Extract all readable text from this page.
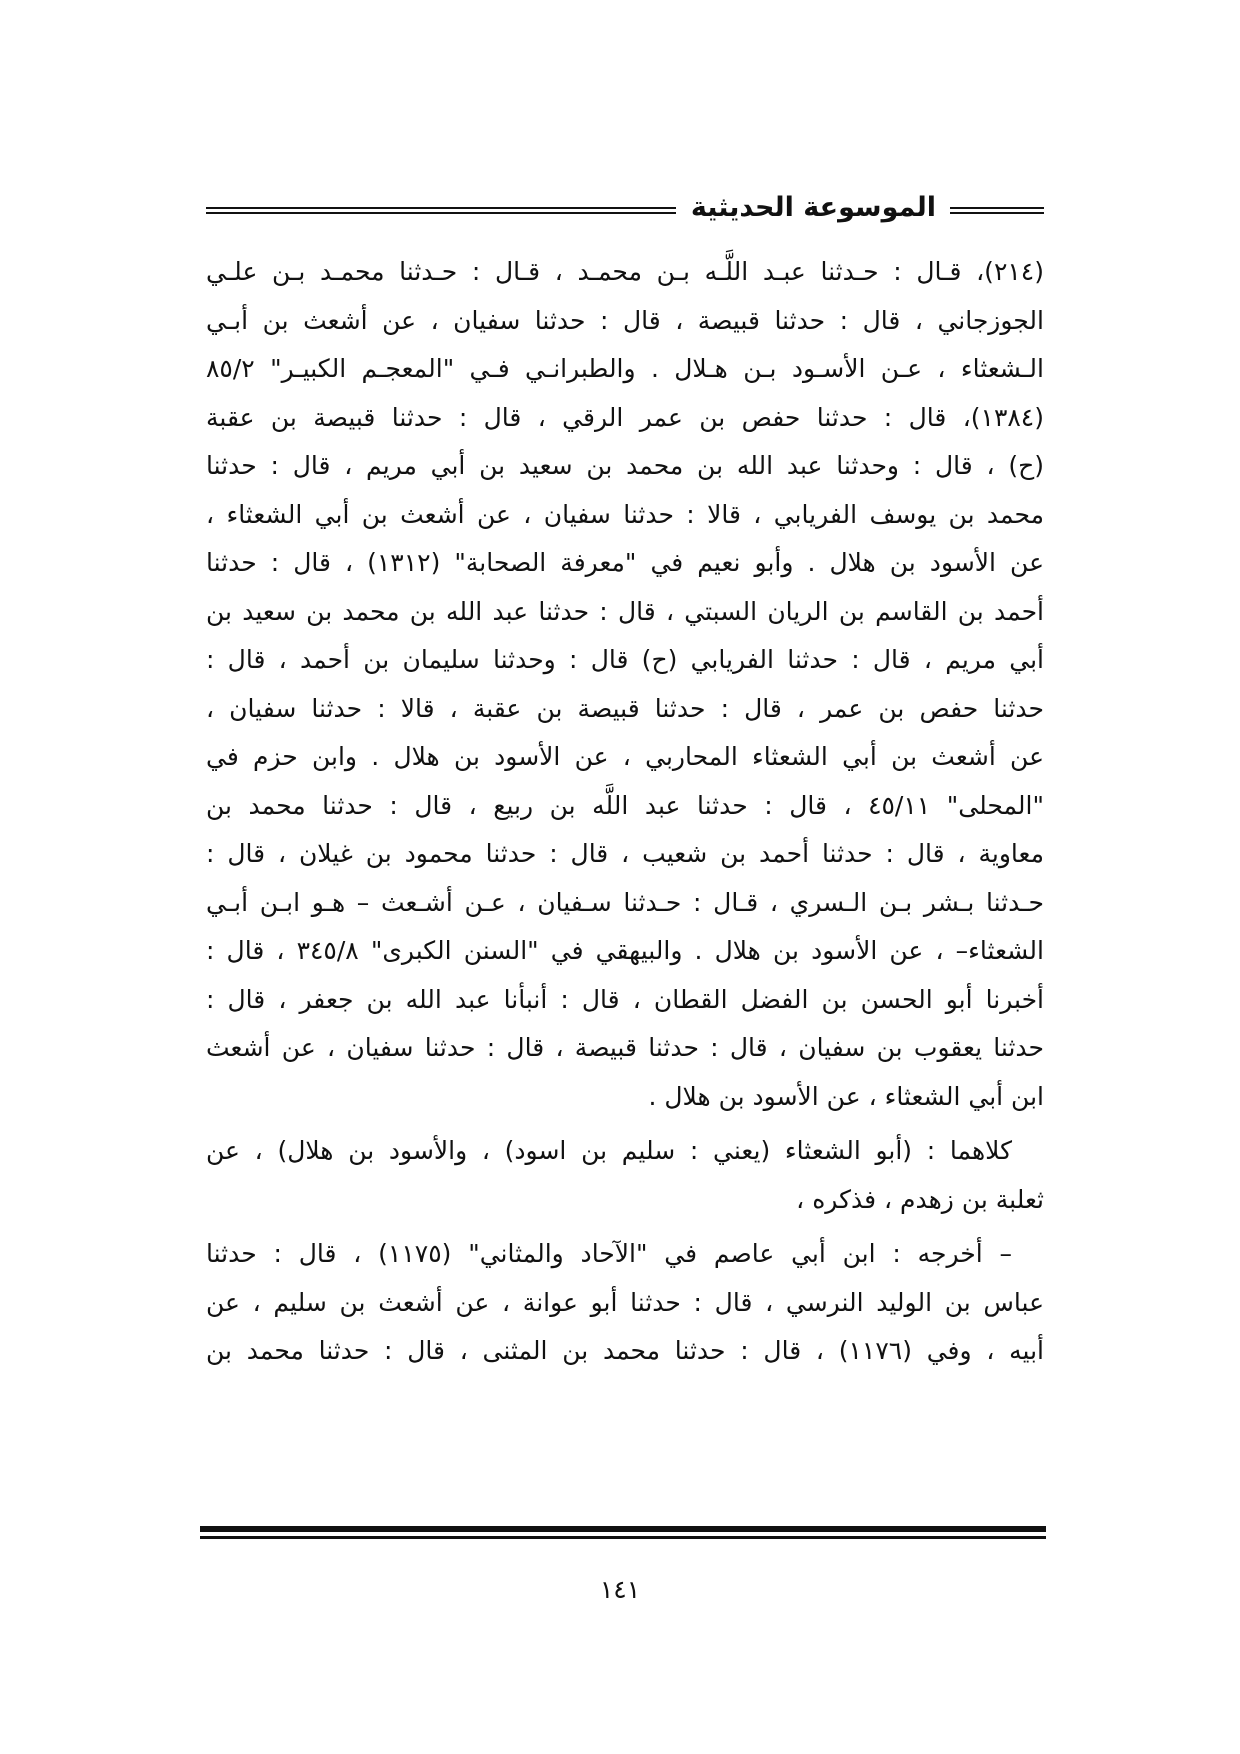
الموسوعة الحديثية
(٢١٤)، قـال : حـدثنا عبـد اللَّـه بـن محمـد ، قـال : حـدثنا محمـد بـن علـي
الجوزجاني ، قال : حدثنا قبيصة ، قال : حدثنا سفيان ، عن أشعث بن أبـي
الـشعثاء ، عـن الأسـود بـن هـلال . والطبرانـي فـي "المعجـم الكبيـر" ٨٥/٢
(١٣٨٤)، قال : حدثنا حفص بن عمر الرقي ، قال : حدثنا قبيصة بن عقبة
(ح) ، قال : وحدثنا عبد الله بن محمد بن سعيد بن أبي مريم ، قال : حدثنا
محمد بن يوسف الفريابي ، قالا : حدثنا سفيان ، عن أشعث بن أبي الشعثاء ،
عن الأسود بن هلال . وأبو نعيم في "معرفة الصحابة" (١٣١٢) ، قال : حدثنا
أحمد بن القاسم بن الريان السبتي ، قال : حدثنا عبد الله بن محمد بن سعيد بن
أبي مريم ، قال : حدثنا الفريابي (ح) قال : وحدثنا سليمان بن أحمد ، قال :
حدثنا حفص بن عمر ، قال : حدثنا قبيصة بن عقبة ، قالا : حدثنا سفيان ،
عن أشعث بن أبي الشعثاء المحاربي ، عن الأسود بن هلال . وابن حزم في
"المحلى" ٤٥/١١ ، قال : حدثنا عبد اللَّه بن ربيع ، قال : حدثنا محمد بن
معاوية ، قال : حدثنا أحمد بن شعيب ، قال : حدثنا محمود بن غيلان ، قال :
حـدثنا بـشر بـن الـسري ، قـال : حـدثنا سـفيان ، عـن أشـعث – هـو ابـن أبـي
الشعثاء– ، عن الأسود بن هلال . والبيهقي في "السنن الكبرى" ٣٤٥/٨ ، قال :
أخبرنا أبو الحسن بن الفضل القطان ، قال : أنبأنا عبد الله بن جعفر ، قال :
حدثنا يعقوب بن سفيان ، قال : حدثنا قبيصة ، قال : حدثنا سفيان ، عن أشعث
ابن أبي الشعثاء ، عن الأسود بن هلال .
كلاهما : (أبو الشعثاء (يعني : سليم بن اسود) ، والأسود بن هلال) ، عن
ثعلبة بن زهدم ، فذكره ،
– أخرجه : ابن أبي عاصم في "الآحاد والمثاني" (١١٧٥) ، قال : حدثنا
عباس بن الوليد النرسي ، قال : حدثنا أبو عوانة ، عن أشعث بن سليم ، عن
أبيه ، وفي (١١٧٦) ، قال : حدثنا محمد بن المثنى ، قال : حدثنا محمد بن
١٤١
